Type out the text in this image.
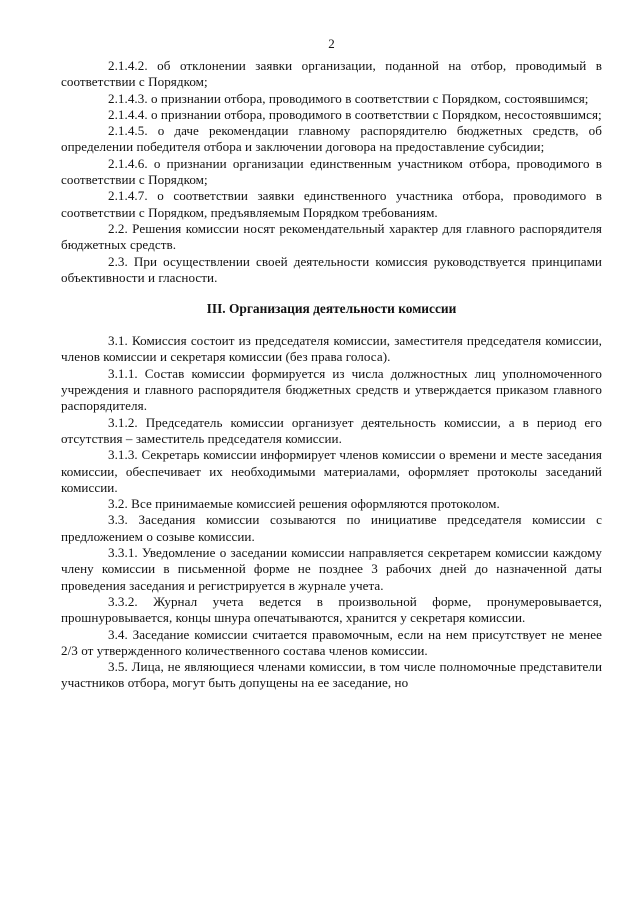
2

2.1.4.2. об отклонении заявки организации, поданной на отбор, проводимый в соответствии с Порядком;

2.1.4.3. о признании отбора, проводимого в соответствии с Порядком, состоявшимся;

2.1.4.4. о признании отбора, проводимого в соответствии с Порядком, несостоявшимся;

2.1.4.5. о даче рекомендации главному распорядителю бюджетных средств, об определении победителя отбора и заключении договора на предоставление субсидии;

2.1.4.6. о признании организации единственным участником отбора, проводимого в соответствии с Порядком;

2.1.4.7. о соответствии заявки единственного участника отбора, проводимого в соответствии с Порядком, предъявляемым Порядком требованиям.

2.2. Решения комиссии носят рекомендательный характер для главного распорядителя бюджетных средств.

2.3. При осуществлении своей деятельности комиссия руководствуется принципами объективности и гласности.

III. Организация деятельности комиссии

3.1. Комиссия состоит из председателя комиссии, заместителя председателя комиссии, членов комиссии и секретаря комиссии (без права голоса).

3.1.1. Состав комиссии формируется из числа должностных лиц уполномоченного учреждения и главного распорядителя бюджетных средств и утверждается приказом главного распорядителя.

3.1.2. Председатель комиссии организует деятельность комиссии, а в период его отсутствия – заместитель председателя комиссии.

3.1.3. Секретарь комиссии информирует членов комиссии о времени и месте заседания комиссии, обеспечивает их необходимыми материалами, оформляет протоколы заседаний комиссии.

3.2. Все принимаемые комиссией решения оформляются протоколом.

3.3. Заседания комиссии созываются по инициативе председателя комиссии с предложением о созыве комиссии.

3.3.1. Уведомление о заседании комиссии направляется секретарем комиссии каждому члену комиссии в письменной форме не позднее 3 рабочих дней до назначенной даты проведения заседания и регистрируется в журнале учета.

3.3.2. Журнал учета ведется в произвольной форме, пронумеровывается, прошнуровывается, концы шнура опечатываются, хранится у секретаря комиссии.

3.4. Заседание комиссии считается правомочным, если на нем присутствует не менее 2/3 от утвержденного количественного состава членов комиссии.

3.5. Лица, не являющиеся членами комиссии, в том числе полномочные представители участников отбора, могут быть допущены на ее заседание, но
